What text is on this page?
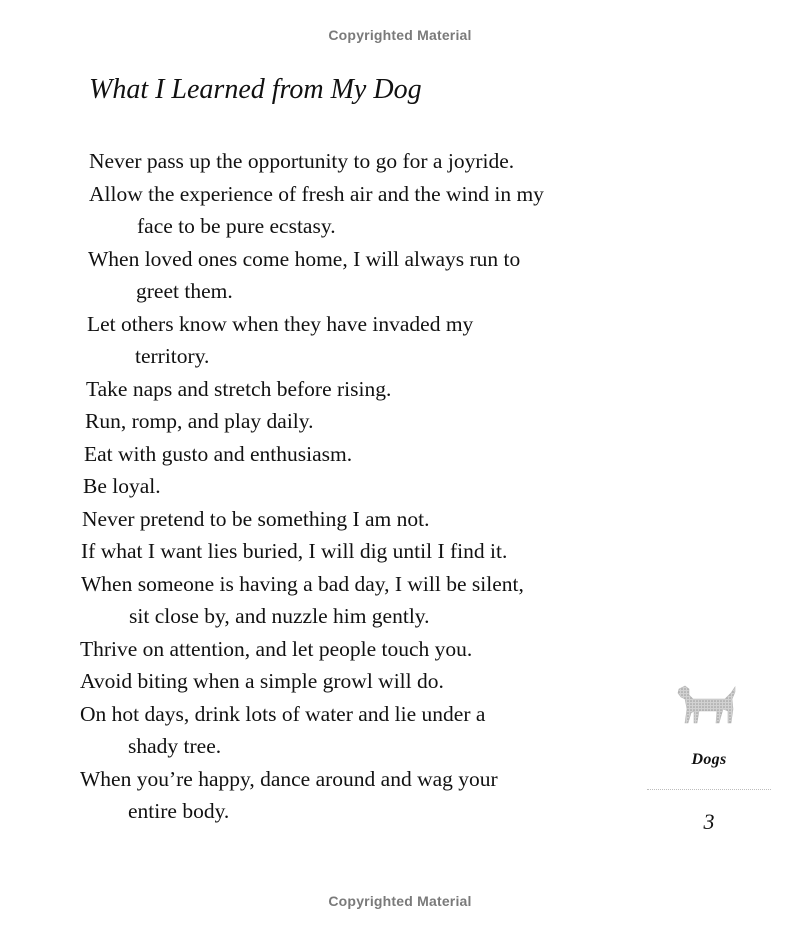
Copyrighted Material
What I Learned from My Dog
Never pass up the opportunity to go for a joyride.
Allow the experience of fresh air and the wind in my
face to be pure ecstasy.
When loved ones come home, I will always run to
greet them.
Let others know when they have invaded my
territory.
Take naps and stretch before rising.
Run, romp, and play daily.
Eat with gusto and enthusiasm.
Be loyal.
Never pretend to be something I am not.
If what I want lies buried, I will dig until I find it.
When someone is having a bad day, I will be silent,
sit close by, and nuzzle him gently.
Thrive on attention, and let people touch you.
Avoid biting when a simple growl will do.
On hot days, drink lots of water and lie under a
shady tree.
When you’re happy, dance around and wag your
entire body.
Dogs
3
Copyrighted Material
